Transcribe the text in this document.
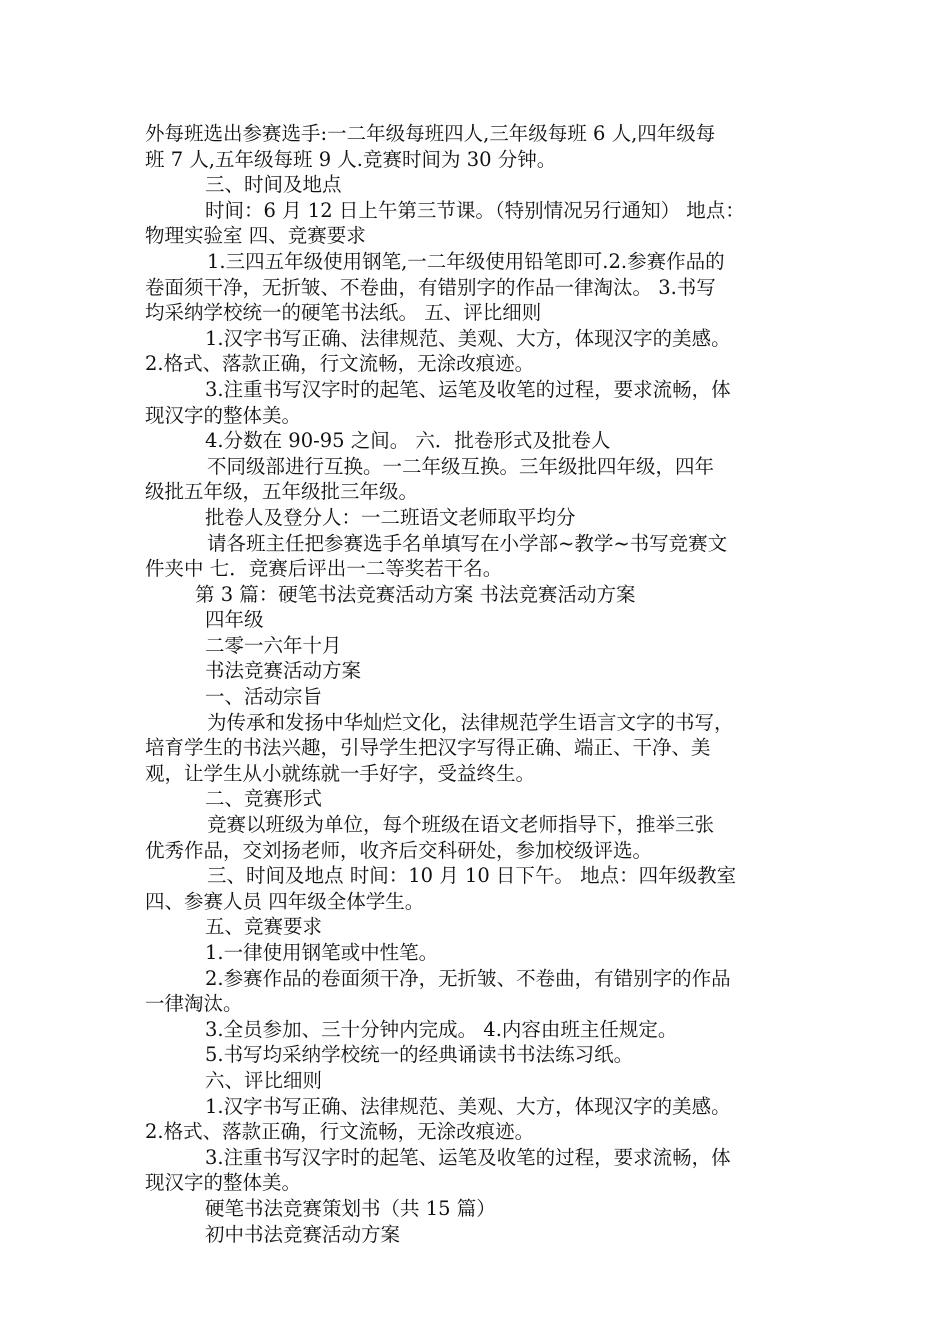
外每班选出参赛选手:一二年级每班四人,三年级每班 6 人,四年级每
班 7 人,五年级每班 9 人.竞赛时间为 30 分钟。
三、时间及地点
时间：6 月 12 日上午第三节课。（特别情况另行通知） 地点：
物理实验室 四、竞赛要求
1.三四五年级使用钢笔,一二年级使用铅笔即可.2.参赛作品的
卷面须干净，无折皱、不卷曲，有错别字的作品一律淘汰。 3.书写
均采纳学校统一的硬笔书法纸。 五、评比细则
1.汉字书写正确、法律规范、美观、大方，体现汉字的美感。
2.格式、落款正确，行文流畅，无涂改痕迹。
3.注重书写汉字时的起笔、运笔及收笔的过程，要求流畅，体
现汉字的整体美。
4.分数在 90-95 之间。 六．批卷形式及批卷人
不同级部进行互换。一二年级互换。三年级批四年级，四年
级批五年级，五年级批三年级。
批卷人及登分人：一二班语文老师取平均分
请各班主任把参赛选手名单填写在小学部~教学~书写竞赛文
件夹中 七．竞赛后评出一二等奖若干名。
第 3 篇：硬笔书法竞赛活动方案 书法竞赛活动方案
四年级
二零一六年十月
书法竞赛活动方案
一、活动宗旨
为传承和发扬中华灿烂文化，法律规范学生语言文字的书写，
培育学生的书法兴趣，引导学生把汉字写得正确、端正、干净、美
观，让学生从小就练就一手好字，受益终生。
二、竞赛形式
竞赛以班级为单位，每个班级在语文老师指导下，推举三张
优秀作品，交刘扬老师，收齐后交科研处，参加校级评选。
三、时间及地点 时间：10 月 10 日下午。 地点：四年级教室
四、参赛人员 四年级全体学生。
五、竞赛要求
1.一律使用钢笔或中性笔。
2.参赛作品的卷面须干净，无折皱、不卷曲，有错别字的作品
一律淘汰。
3.全员参加、三十分钟内完成。 4.内容由班主任规定。
5.书写均采纳学校统一的经典诵读书书法练习纸。
六、评比细则
1.汉字书写正确、法律规范、美观、大方，体现汉字的美感。
2.格式、落款正确，行文流畅，无涂改痕迹。
3.注重书写汉字时的起笔、运笔及收笔的过程，要求流畅，体
现汉字的整体美。
硬笔书法竞赛策划书（共 15 篇）
初中书法竞赛活动方案
